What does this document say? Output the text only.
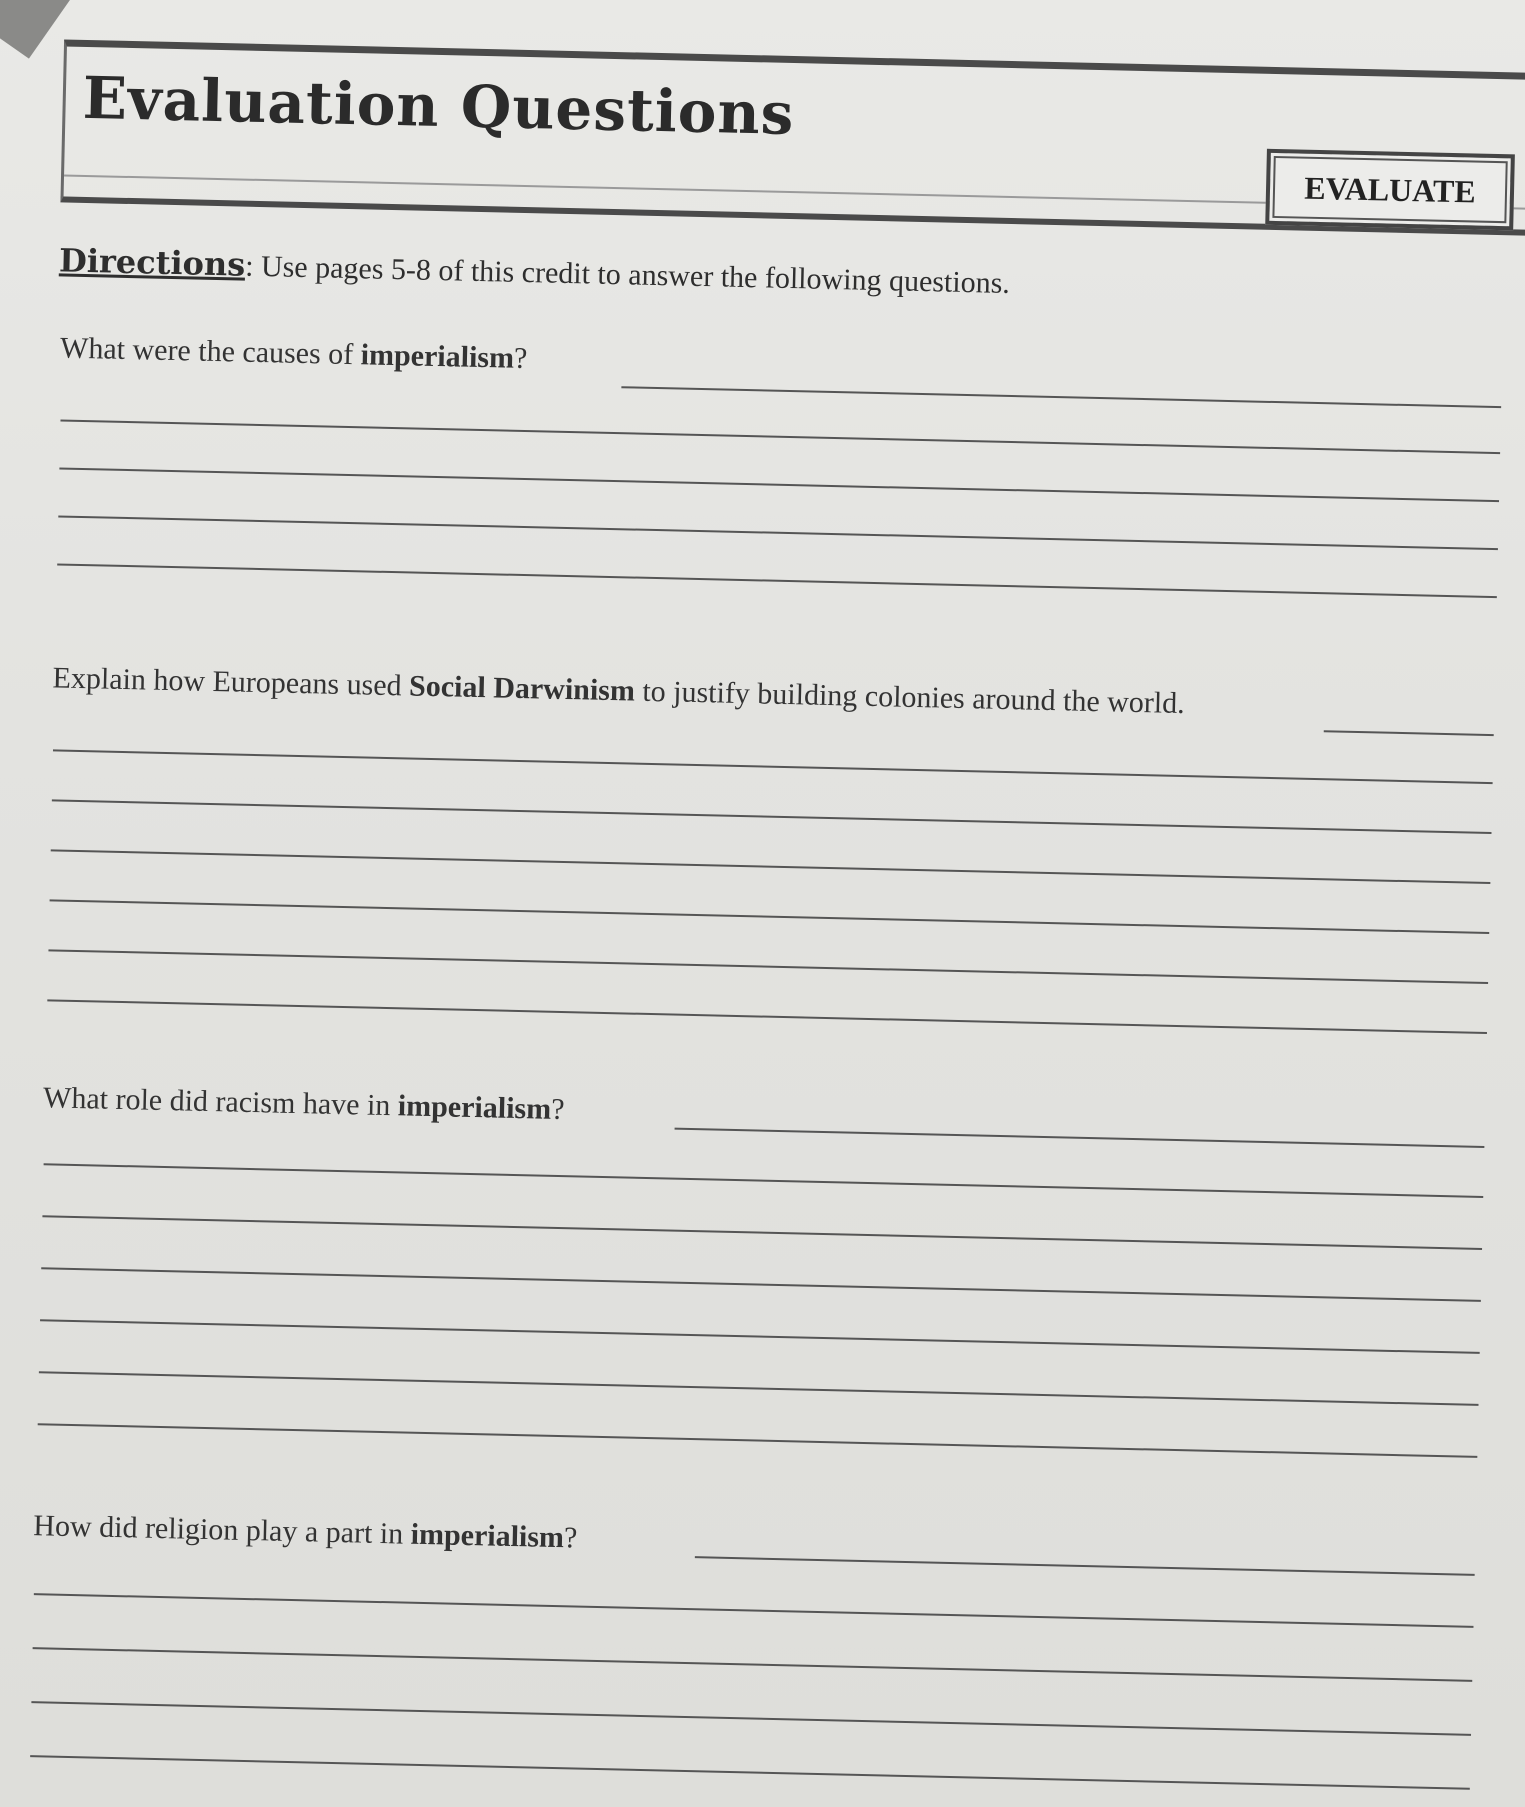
Evaluation Questions
EVALUATE
Directions: Use pages 5-8 of this credit to answer the following questions.
What were the causes of imperialism?
Explain how Europeans used Social Darwinism to justify building colonies around the world.
What role did racism have in imperialism?
How did religion play a part in imperialism?
